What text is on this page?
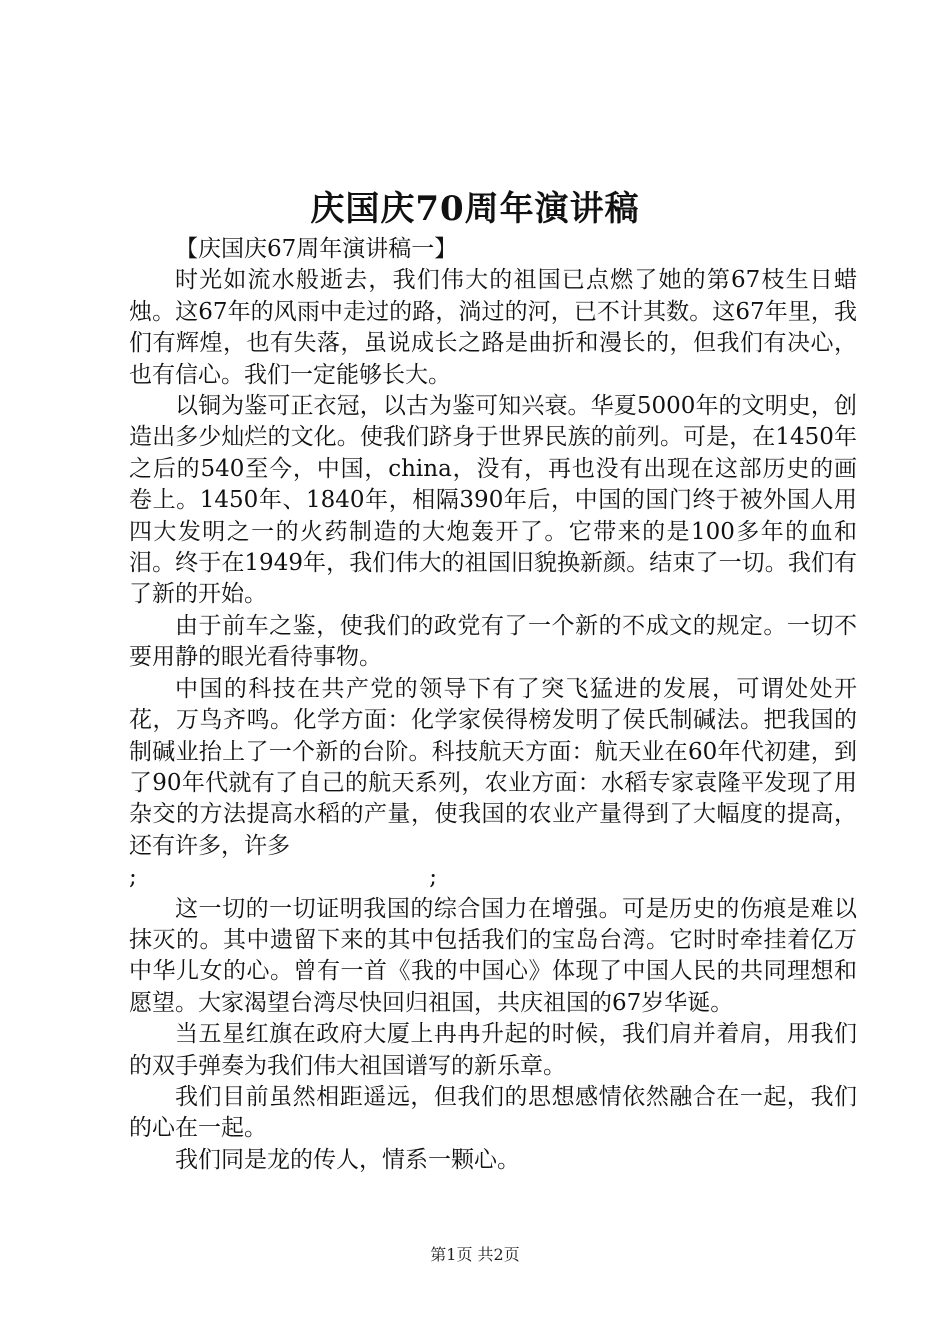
庆国庆70周年演讲稿

【庆国庆67周年演讲稿一】

时光如流水般逝去，我们伟大的祖国已点燃了她的第67枝生日蜡烛。这67年的风雨中走过的路，淌过的河，已不计其数。这67年里，我们有辉煌，也有失落，虽说成长之路是曲折和漫长的，但我们有决心，也有信心。我们一定能够长大。

以铜为鉴可正衣冠，以古为鉴可知兴衰。华夏5000年的文明史，创造出多少灿烂的文化。使我们跻身于世界民族的前列。可是，在1450年之后的540至今，中国，china，没有，再也没有出现在这部历史的画卷上。1450年、1840年，相隔390年后，中国的国门终于被外国人用四大发明之一的火药制造的大炮轰开了。它带来的是100多年的血和泪。终于在1949年，我们伟大的祖国旧貌换新颜。结束了一切。我们有了新的开始。

由于前车之鉴，使我们的政党有了一个新的不成文的规定。一切不要用静的眼光看待事物。

中国的科技在共产党的领导下有了突飞猛进的发展，可谓处处开花，万鸟齐鸣。化学方面：化学家侯得榜发明了侯氏制碱法。把我国的制碱业抬上了一个新的台阶。科技航天方面：航天业在60年代初建，到了90年代就有了自己的航天系列，农业方面：水稻专家袁隆平发现了用杂交的方法提高水稻的产量，使我国的农业产量得到了大幅度的提高，还有许多，许多

;                                        ;

这一切的一切证明我国的综合国力在增强。可是历史的伤痕是难以抹灭的。其中遗留下来的其中包括我们的宝岛台湾。它时时牵挂着亿万中华儿女的心。曾有一首《我的中国心》体现了中国人民的共同理想和愿望。大家渴望台湾尽快回归祖国，共庆祖国的67岁华诞。

当五星红旗在政府大厦上冉冉升起的时候，我们肩并着肩，用我们的双手弹奏为我们伟大祖国谱写的新乐章。

我们目前虽然相距遥远，但我们的思想感情依然融合在一起，我们的心在一起。

我们同是龙的传人，情系一颗心。

第1页 共2页
